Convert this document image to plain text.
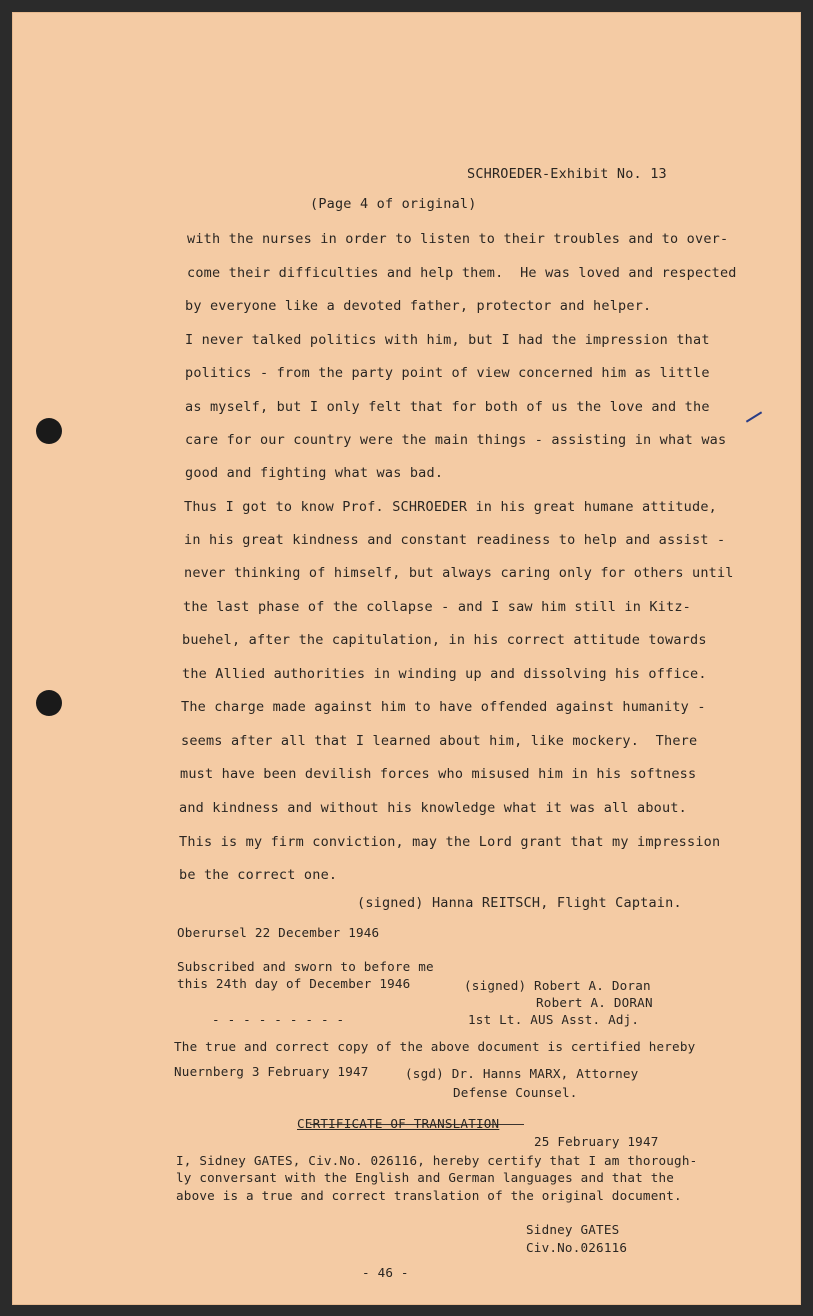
SCHROEDER-Exhibit No. 13
(Page 4 of original)
with the nurses in order to listen to their troubles and to over-
come their difficulties and help them.  He was loved and respected
by everyone like a devoted father, protector and helper.
I never talked politics with him, but I had the impression that
politics - from the party point of view concerned him as little
as myself, but I only felt that for both of us the love and the
care for our country were the main things - assisting in what was
good and fighting what was bad.
Thus I got to know Prof. SCHROEDER in his great humane attitude,
in his great kindness and constant readiness to help and assist -
never thinking of himself, but always caring only for others until
the last phase of the collapse - and I saw him still in Kitz-
buehel, after the capitulation, in his correct attitude towards
the Allied authorities in winding up and dissolving his office.
The charge made against him to have offended against humanity -
seems after all that I learned about him, like mockery.  There
must have been devilish forces who misused him in his softness
and kindness and without his knowledge what it was all about.
This is my firm conviction, may the Lord grant that my impression
be the correct one.
(signed) Hanna REITSCH, Flight Captain.
Oberursel 22 December 1946
Subscribed and sworn to before me
this 24th day of December 1946	(signed) Robert A. Doran
Robert A. DORAN
- - - - - - - - -	1st Lt. AUS Asst. Adj.
The true and correct copy of the above document is certified hereby
Nuernberg 3 February 1947	(sgd) Dr. Hanns MARX, Attorney
Defense Counsel.
CERTIFICATE OF TRANSLATION
25 February 1947
I, Sidney GATES, Civ.No. 026116, hereby certify that I am thorough-
ly conversant with the English and German languages and that the
above is a true and correct translation of the original document.
Sidney GATES
Civ.No.026116
- 46 -
